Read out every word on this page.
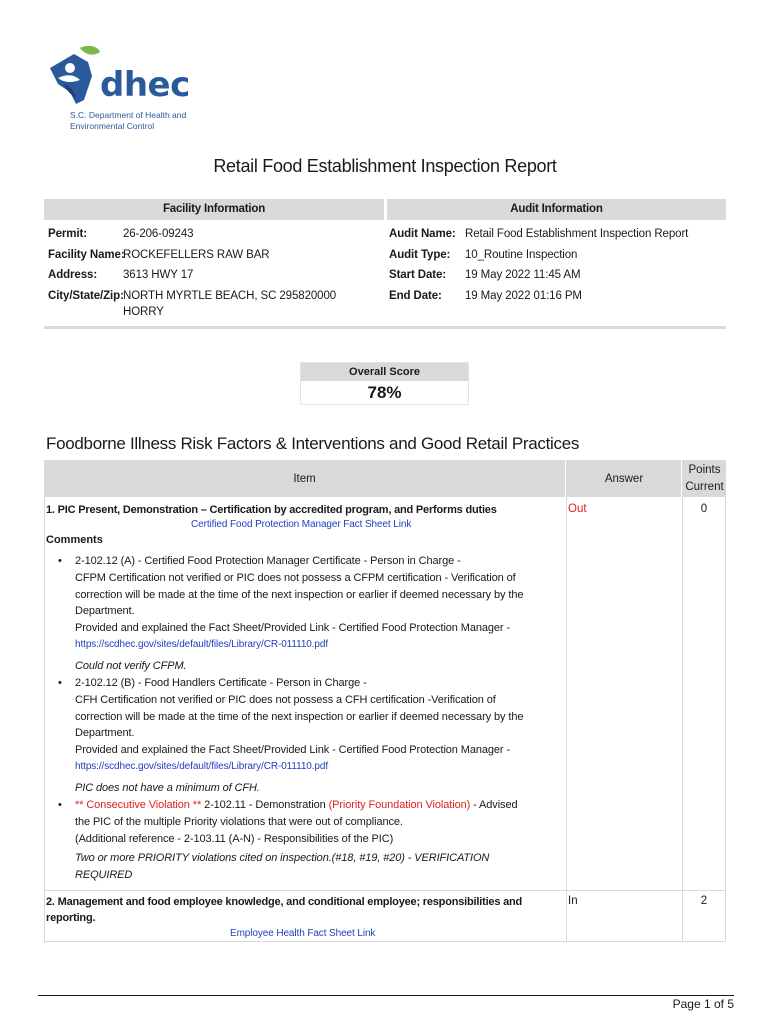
dhec
S.C. Department of Health and Environmental Control
Retail Food Establishment Inspection Report
Facility Information	Audit Information
Permit:	26-206-09243
Facility Name:
ROCKEFELLERS RAW BAR
Address: 3613 HWY 17
City/State/Zip: NORTH MYRTLE BEACH, SC 295820000
HORRY
Audit Name: Retail Food Establishment Inspection Report
Audit Type: 10_Routine Inspection
Start Date: 19 May 2022 11:45 AM
End Date: 19 May 2022 01:16 PM
Overall Score
78%
Foodborne Illness Risk Factors & Interventions and Good Retail Practices
Item	Answer
Points
Current
1. PIC Present, Demonstration – Certification by accredited program, and Performs duties
Certified Food Protection Manager Fact Sheet Link
Out	0
Comments
• 2-102.12 (A) - Certified Food Protection Manager Certificate - Person in Charge -
CFPM Certification not verified or PIC does not possess a CFPM certification - Verification of
correction will be made at the time of the next inspection or earlier if deemed necessary by the
Department.
Provided and explained the Fact Sheet/Provided Link - Certified Food Protection Manager -
https://scdhec.gov/sites/default/files/Library/CR-011110.pdf
Could not verify CFPM.
• 2-102.12 (B) - Food Handlers Certificate - Person in Charge -
CFH Certification not verified or PIC does not possess a CFH certification -Verification of
correction will be made at the time of the next inspection or earlier if deemed necessary by the
Department.
Provided and explained the Fact Sheet/Provided Link - Certified Food Protection Manager -
https://scdhec.gov/sites/default/files/Library/CR-011110.pdf
PIC does not have a minimum of CFH.
• ** Consecutive Violation ** 2-102.11 - Demonstration (Priority Foundation Violation) - Advised
the PIC of the multiple Priority violations that were out of compliance.
(Additional reference - 2-103.11 (A-N) - Responsibilities of the PIC)
Two or more PRIORITY violations cited on inspection.(#18, #19, #20) - VERIFICATION
REQUIRED
2. Management and food employee knowledge, and conditional employee; responsibilities and
reporting.
Employee Health Fact Sheet Link
In	2
Page 1 of 5
